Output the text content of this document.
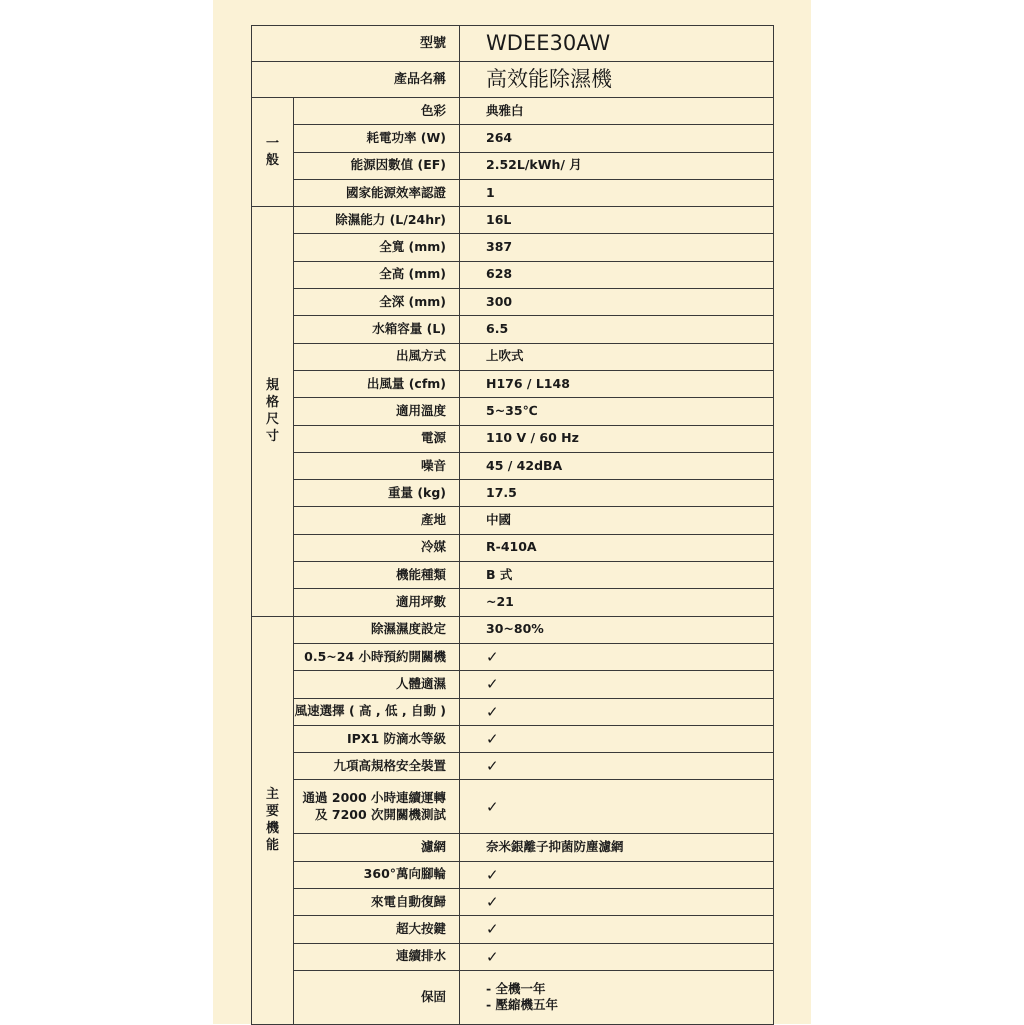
型號		WDEE30AW
產品名稱		高效能除濕機
一般	色彩	典雅白

	耗電功率 (W)	264

	能源因數值 (EF)	2.52L/kWh/ 月

	國家能源效率認證	1

規格尺寸	除濕能力 (L/24hr)	16L

	全寬 (mm)	387

	全高 (mm)	628

	全深 (mm)	300

	水箱容量 (L)	6.5

	出風方式	上吹式

	出風量 (cfm)	H176 / L148

	適用溫度	5~35℃

	電源	110 V / 60 Hz

	噪音	45 / 42dBA

	重量 (kg)	17.5

	產地	中國

	冷媒	R-410A

	機能種類	B 式

	適用坪數	~21

主要機能	除濕濕度設定	30~80%

	0.5~24 小時預約開關機	✓

	人體適濕	✓

	風速選擇 ( 高 , 低 , 自動 )	✓

	IPX1 防滴水等級	✓

	九項高規格安全裝置	✓

	通過 2000 小時連續運轉
及 7200 次開關機測試	✓

	濾網	奈米銀離子抑菌防塵濾網

	360°萬向腳輪	✓

	來電自動復歸	✓

	超大按鍵	✓

	連續排水	✓

	保固	- 全機一年
- 壓縮機五年
